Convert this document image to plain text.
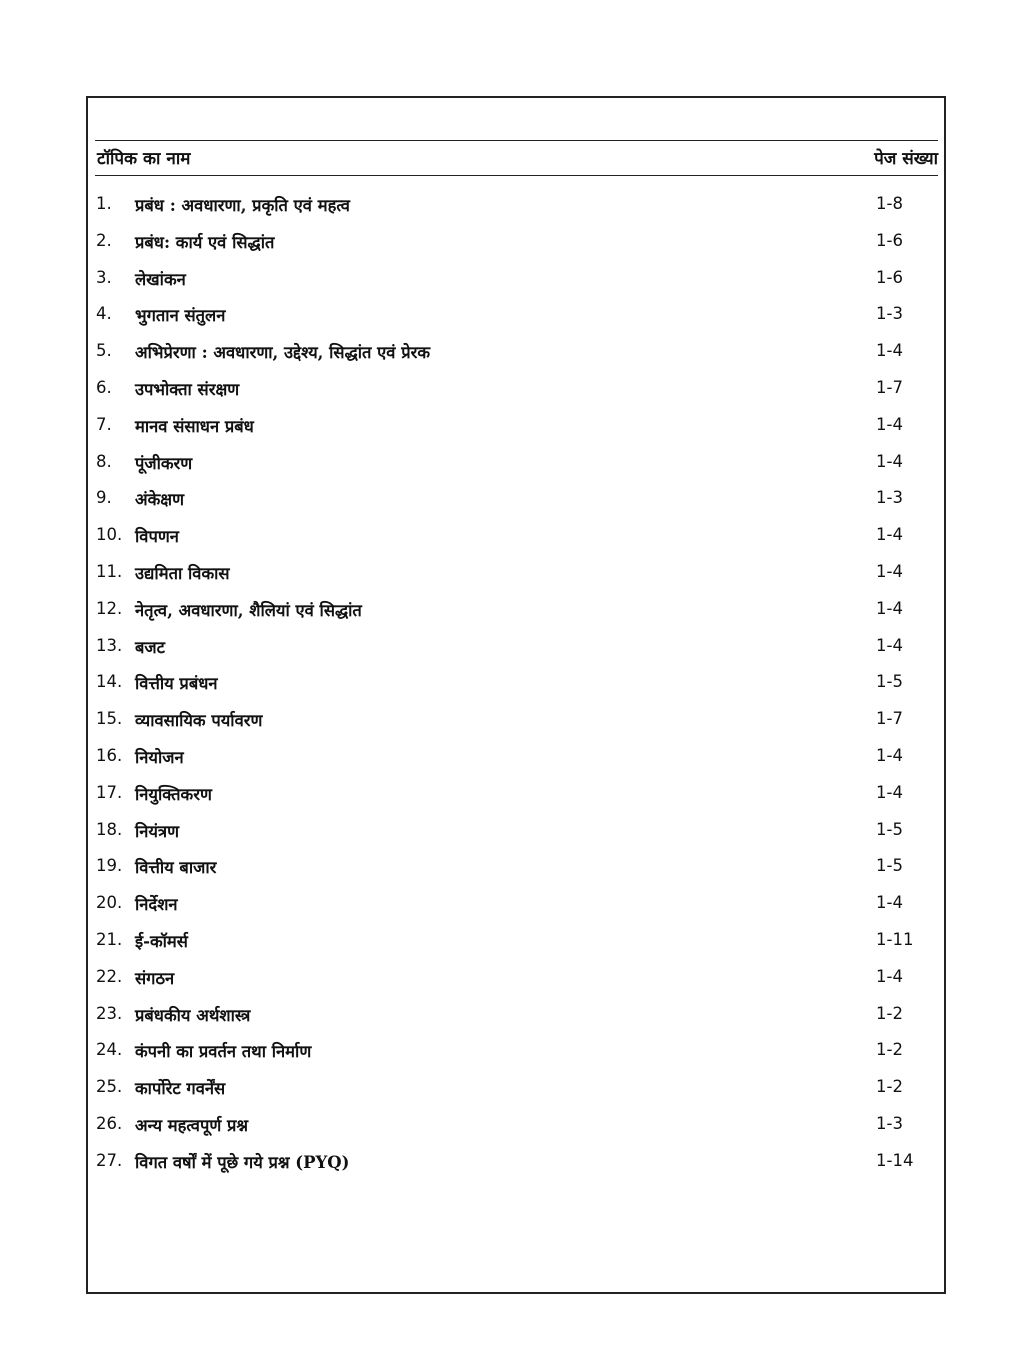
टॉपिक का नाम	पेज संख्या
1.	प्रबंध : अवधारणा, प्रकृति एवं महत्व	1-8
2.	प्रबंध: कार्य एवं सिद्धांत	1-6
3.	लेखांकन	1-6
4.	भुगतान संतुलन	1-3
5.	अभिप्रेरणा : अवधारणा, उद्देश्य, सिद्धांत एवं प्रेरक	1-4
6.	उपभोक्ता संरक्षण	1-7
7.	मानव संसाधन प्रबंध	1-4
8.	पूंजीकरण	1-4
9.	अंकेक्षण	1-3
10. विपणन	1-4
11. उद्यमिता विकास	1-4
12. नेतृत्व, अवधारणा, शैलियां एवं सिद्धांत	1-4
13. बजट	1-4
14. वित्तीय प्रबंधन	1-5
15. व्यावसायिक पर्यावरण	1-7
16. नियोजन	1-4
17. नियुक्तिकरण	1-4
18. नियंत्रण	1-5
19. वित्तीय बाजार	1-5
20. निर्देशन	1-4
21. ई-कॉमर्स	1-11
22. संगठन	1-4
23. प्रबंधकीय अर्थशास्त्र	1-2
24. कंपनी का प्रवर्तन तथा निर्माण	1-2
25. कार्पोरेट गवर्नेंस	1-2
26. अन्य महत्वपूर्ण प्रश्न	1-3
27. विगत वर्षों में पूछे गये प्रश्न (PYQ)	1-14
